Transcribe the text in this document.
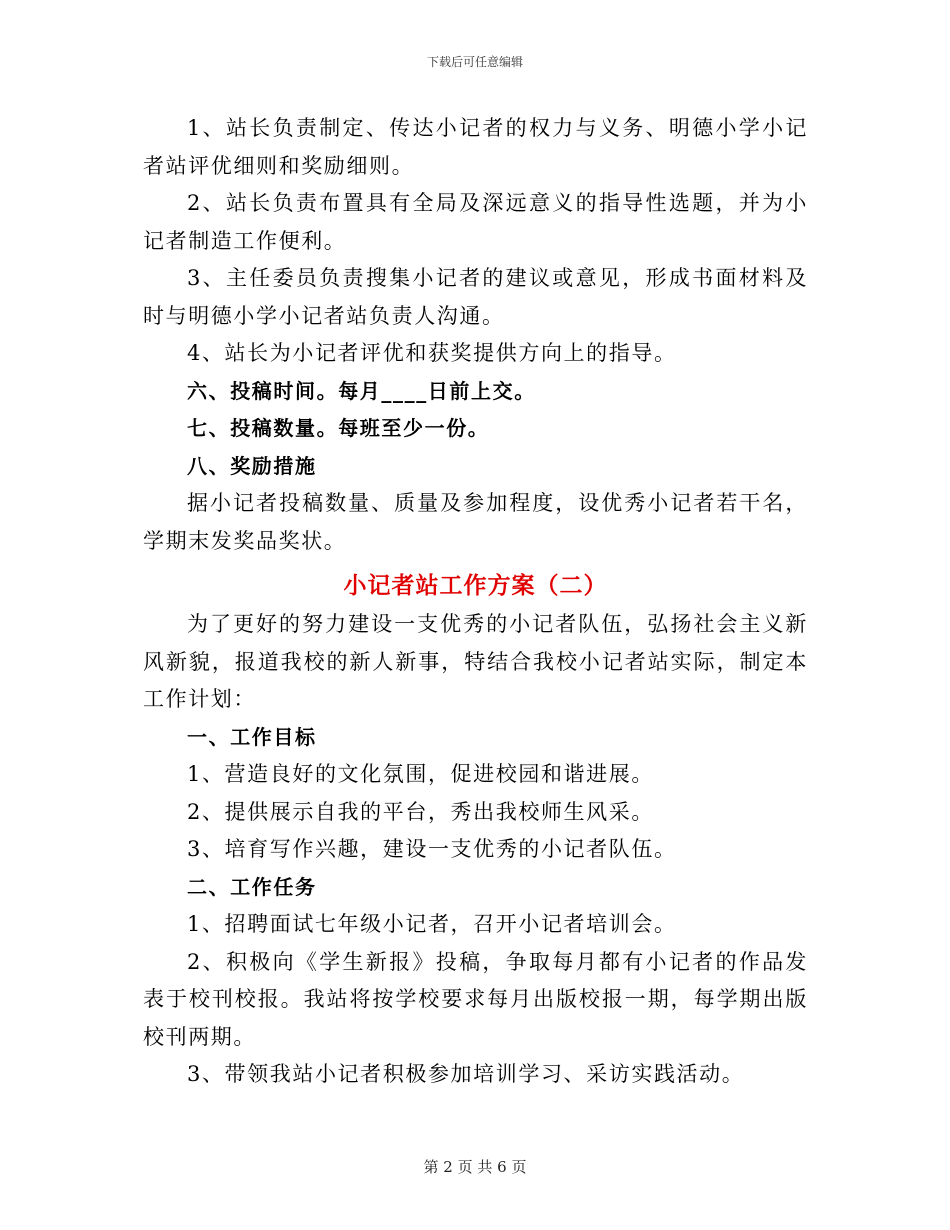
下载后可任意编辑

1、站长负责制定、传达小记者的权力与义务、明德小学小记者站评优细则和奖励细则。

2、站长负责布置具有全局及深远意义的指导性选题，并为小记者制造工作便利。

3、主任委员负责搜集小记者的建议或意见，形成书面材料及时与明德小学小记者站负责人沟通。

4、站长为小记者评优和获奖提供方向上的指导。

六、投稿时间。每月____日前上交。

七、投稿数量。每班至少一份。

八、奖励措施

据小记者投稿数量、质量及参加程度，设优秀小记者若干名，学期末发奖品奖状。

小记者站工作方案（二）

为了更好的努力建设一支优秀的小记者队伍，弘扬社会主义新风新貌，报道我校的新人新事，特结合我校小记者站实际，制定本工作计划：

一、工作目标

1、营造良好的文化氛围，促进校园和谐进展。

2、提供展示自我的平台，秀出我校师生风采。

3、培育写作兴趣，建设一支优秀的小记者队伍。

二、工作任务

1、招聘面试七年级小记者，召开小记者培训会。

2、积极向《学生新报》投稿，争取每月都有小记者的作品发表于校刊校报。我站将按学校要求每月出版校报一期，每学期出版校刊两期。

3、带领我站小记者积极参加培训学习、采访实践活动。

第 2 页 共 6 页
